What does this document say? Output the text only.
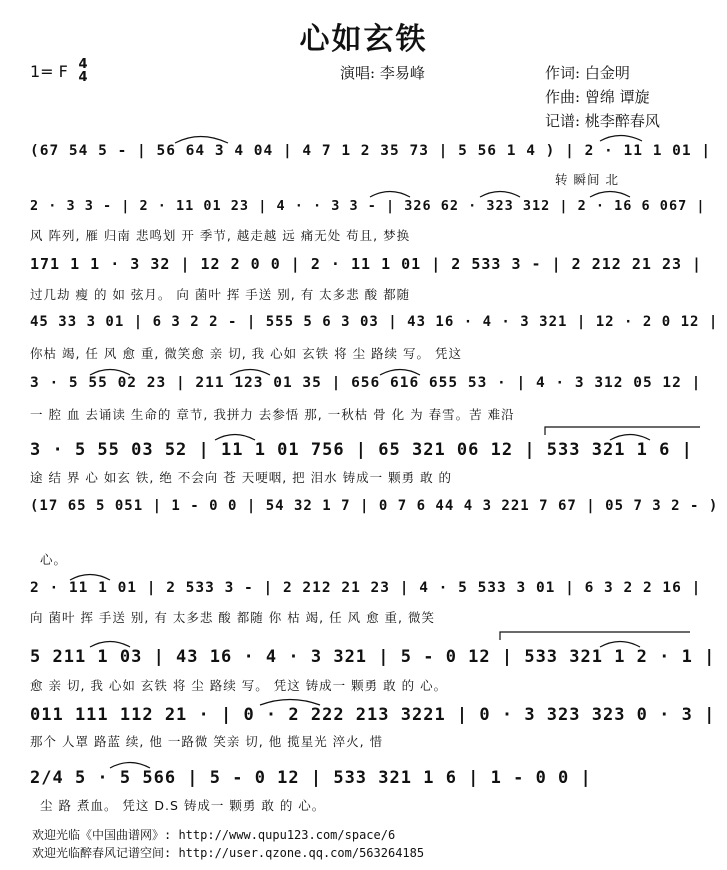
心如玄铁
1= F 4
4	演唱: 李易峰	作词: 白金明
作曲: 曾绵 谭旋
记谱: 桃李醉春风
(67 54 5 - | 56 64 3 4 04 | 4 7 1 2 35 73 | 5 56 1 4 ) | 2 · 11 1 01 |
转 瞬间 北
2 · 3 3 - | 2 · 11 01 23 | 4 · · 3 3 - | 326 62 · 323 312 | 2 · 16 6 067 |
风 阵列, 雁 归南 悲鸣划 开 季节, 越走越 远 痛无处 苟且, 梦换
171 1 1 · 3 32 | 12 2 0 0 | 2 · 11 1 01 | 2 533 3 - | 2 212 21 23 |
过几劫 瘦 的 如 弦月。 向 菌叶 挥 手送 别, 有 太多悲 酸 都随
45 33 3 01 | 6 3 2 2 - | 555 5 6 3 03 | 43 16 · 4 · 3 321 | 12 · 2 0 12 |
你枯 竭, 任 风 愈 重, 微笑愈 亲 切, 我 心如 玄铁 将 尘 路续 写。 凭这
3 · 5 55 02 23 | 211 123 01 35 | 656 616 655 53 · | 4 · 3 312 05 12 |
一 腔 血 去诵读 生命的 章节, 我拼力 去参悟 那, 一秋枯 骨 化 为 春雪。苦 难沿
3 · 5 55 03 52 | 11 1 01 756 | 65 321 06 12 | 533 321 1 6 |
途 结 界 心 如玄 铁, 绝 不会向 苍 天哽咽, 把 泪水 铸成一 颗勇 敢 的
(17 65 5 051 | 1 - 0 0 | 54 32 1 7 | 0 7 6 44 4 3 221 7 67 | 05 7 3 2 - )
心。
2 · 11 1 01 | 2 533 3 - | 2 212 21 23 | 4 · 5 533 3 01 | 6 3 2 2 16 |
向 菌叶 挥 手送 别, 有 太多悲 酸 都随 你 枯 竭, 任 风 愈 重, 微笑
5 211 1 03 | 43 16 · 4 · 3 321 | 5 - 0 12 | 533 321 1 2 · 1 |
愈 亲 切, 我 心如 玄铁 将 尘 路续 写。 凭这 铸成一 颗勇 敢 的 心。
011 111 112 21 · | 0 · 2 222 213 3221 | 0 · 3 323 323 0 · 3 |
那个 人罩 路蓝 续, 他 一路微 笑亲 切, 他 揽星光 淬火, 惜
2/4 5 · 5 566 | 5 - 0 12 | 533 321 1 6 | 1 - 0 0 |
尘 路 煮血。 凭这 D.S 铸成一 颗勇 敢 的 心。
欢迎光临《中国曲谱网》: http://www.qupu123.com/space/6
欢迎光临醉春风记谱空间: http://user.qzone.qq.com/563264185
